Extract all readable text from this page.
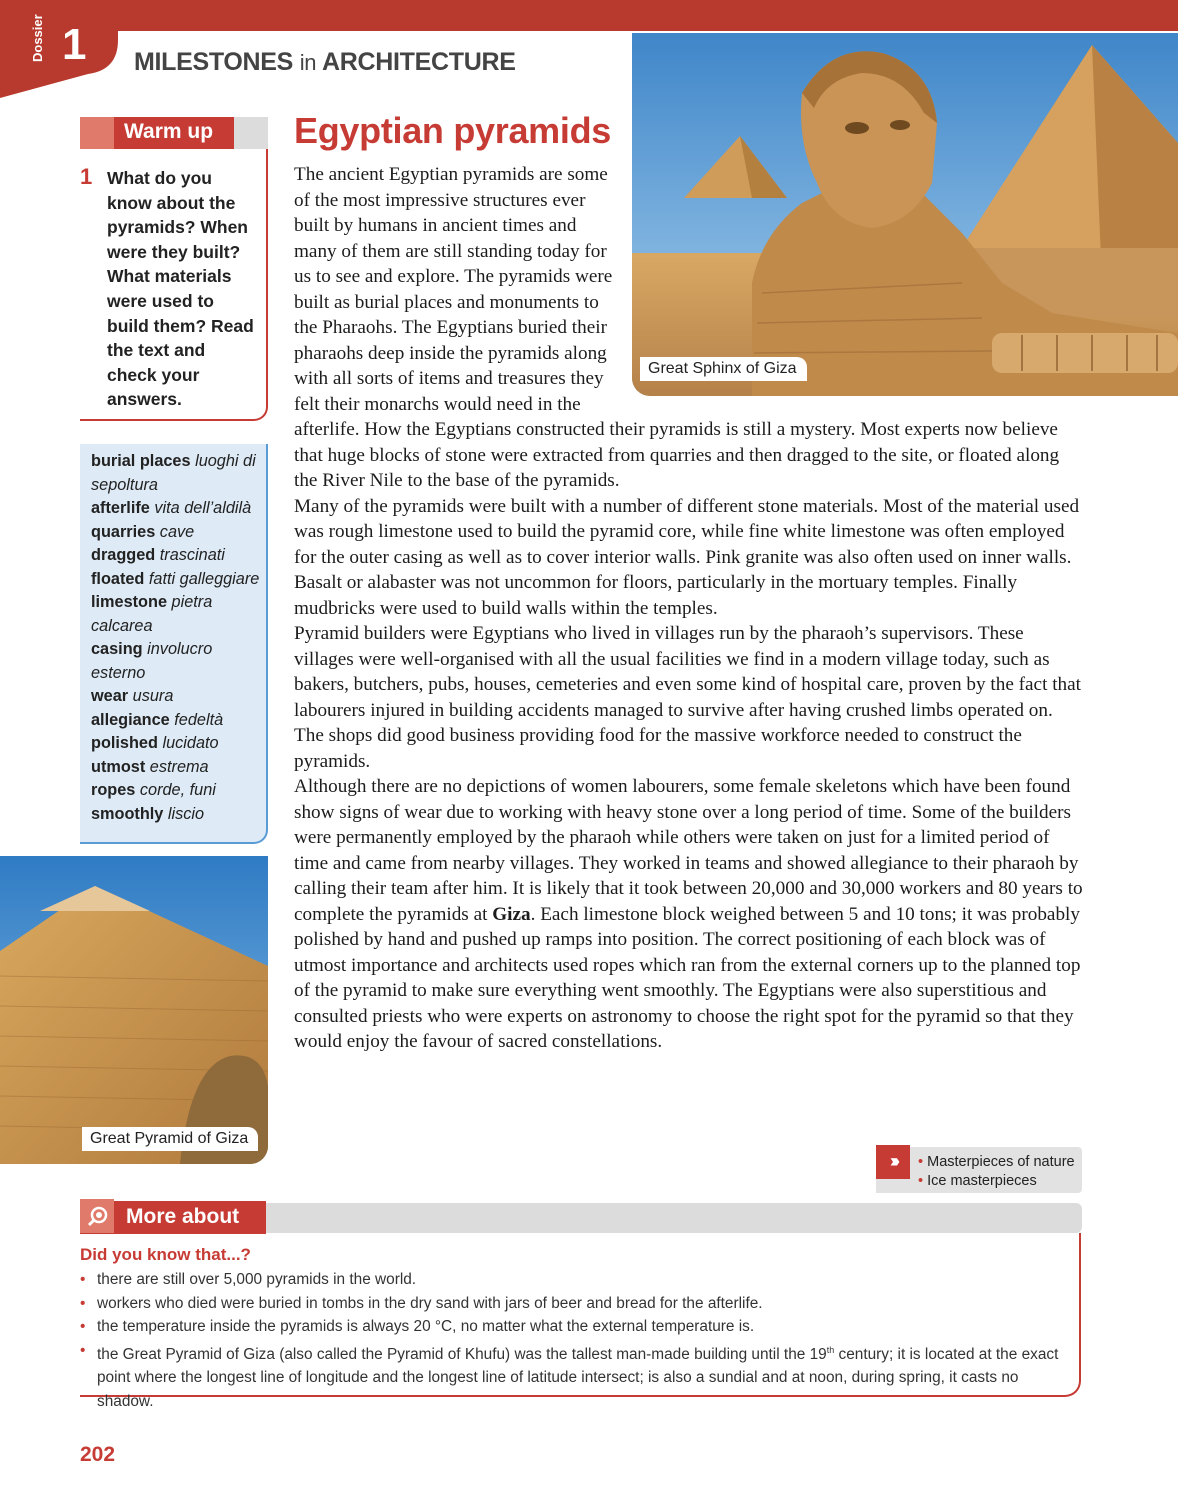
Dossier 1 MILESTONES in ARCHITECTURE
Warm up
1 What do you know about the pyramids? When were they built? What materials were used to build them? Read the text and check your answers.
burial places luoghi di sepoltura
afterlife vita dell’aldilà
quarries cave
dragged trascinati
floated fatti galleggiare
limestone pietra calcarea
casing involucro esterno
wear usura
allegiance fedeltà
polished lucidato
utmost estrema
ropes corde, funi
smoothly liscio
Great Sphinx of Giza
Great Pyramid of Giza
Egyptian pyramids

The ancient Egyptian pyramids are some of the most impressive structures ever built by humans in ancient times and many of them are still standing today for us to see and explore. The pyramids were built as burial places and monuments to the Pharaohs. The Egyptians buried their pharaohs deep inside the pyramids along with all sorts of items and treasures they felt their monarchs would need in the afterlife. How the Egyptians constructed their pyramids is still a mystery. Most experts now believe that huge blocks of stone were extracted from quarries and then dragged to the site, or floated along the River Nile to the base of the pyramids.

Many of the pyramids were built with a number of different stone materials. Most of the material used was rough limestone used to build the pyramid core, while fine white limestone was often employed for the outer casing as well as to cover interior walls. Pink granite was also often used on inner walls. Basalt or alabaster was not uncommon for floors, particularly in the mortuary temples. Finally mudbricks were used to build walls within the temples.

Pyramid builders were Egyptians who lived in villages run by the pharaoh’s supervisors. These villages were well-organised with all the usual facilities we find in a modern village today, such as bakers, butchers, pubs, houses, cemeteries and even some kind of hospital care, proven by the fact that labourers injured in building accidents managed to survive after having crushed limbs operated on. The shops did good business providing food for the massive workforce needed to construct the pyramids.

Although there are no depictions of women labourers, some female skeletons which have been found show signs of wear due to working with heavy stone over a long period of time. Some of the builders were permanently employed by the pharaoh while others were taken on just for a limited period of time and came from nearby villages. They worked in teams and showed allegiance to their pharaoh by calling their team after him. It is likely that it took between 20,000 and 30,000 workers and 80 years to complete the pyramids at Giza. Each limestone block weighed between 5 and 10 tons; it was probably polished by hand and pushed up ramps into position. The correct positioning of each block was of utmost importance and architects used ropes which ran from the external corners up to the planned top of the pyramid to make sure everything went smoothly. The Egyptians were also superstitious and consulted priests who were experts on astronomy to choose the right spot for the pyramid so that they would enjoy the favour of sacred constellations.

›››
•	Masterpieces of nature
• Ice masterpieces
More about
Did you know that...?
• there are still over 5,000 pyramids in the world.
• workers who died were buried in tombs in the dry sand with jars of beer and bread for the afterlife.
• the temperature inside the pyramids is always 20 °C, no matter what the external temperature is.
• the Great Pyramid of Giza (also called the Pyramid of Khufu) was the tallest man-made building until the 19th century; it is located at the exact point where the longest line of longitude and the longest line of latitude intersect; is also a sundial and at noon, during spring, it casts no shadow.
202
